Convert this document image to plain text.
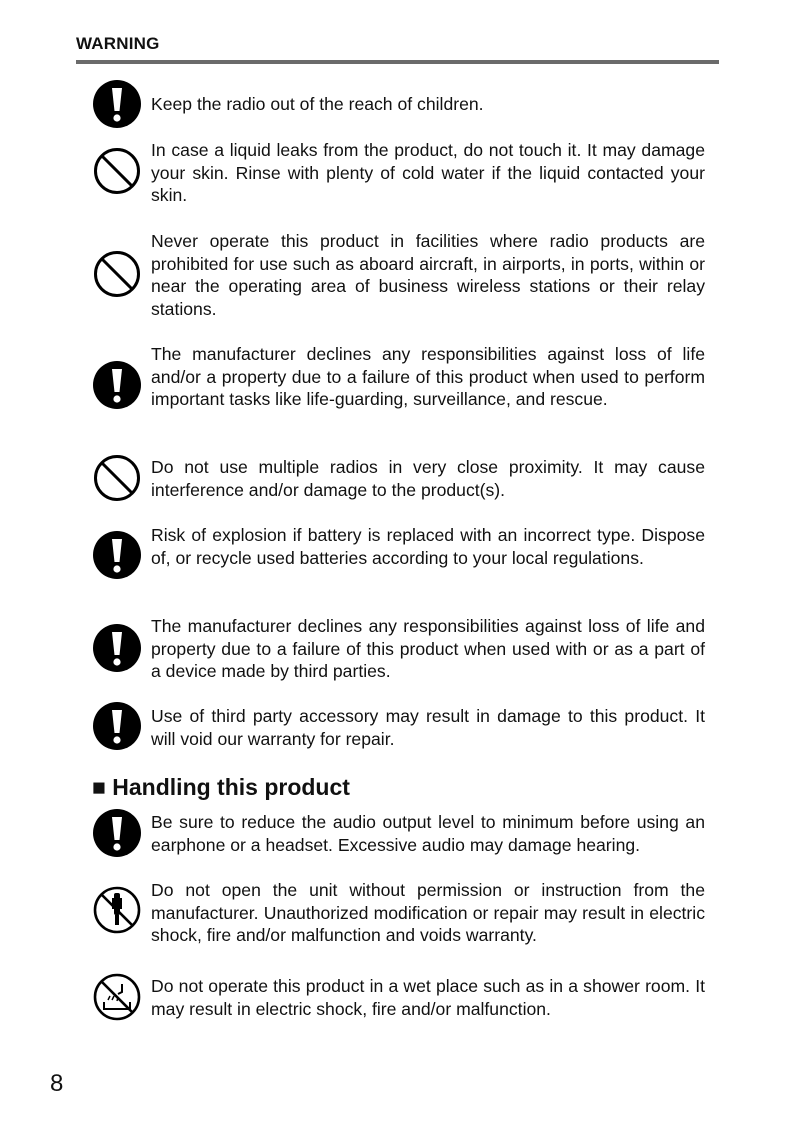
WARNING
Keep the radio out of the reach of children.
In case a liquid leaks from the product, do not touch it. It may damage your skin. Rinse with plenty of cold water if the liquid contacted your skin.
Never operate this product in facilities where radio products are prohibited for use such as aboard aircraft, in airports, in ports, within or near the operating area of business wireless stations or their relay stations.
The manufacturer declines any responsibilities against loss of life and/or a property due to a failure of this product when used to perform important tasks like life-guarding, surveillance, and rescue.
Do not use multiple radios in very close proximity. It may cause interference and/or damage to the product(s).
Risk of explosion if battery is replaced with an incorrect type. Dispose of, or recycle used batteries according to your local regulations.
The manufacturer declines any responsibilities against loss of life and property due to a failure of this product when used with or as a part of a device made by third parties.
Use of third party accessory may result in damage to this product. It will void our warranty for repair.
■ Handling this product
Be sure to reduce the audio output level to minimum before using an earphone or a headset. Excessive audio may damage hearing.
Do not open the unit without permission or instruction from the manufacturer. Unauthorized modification or repair may result in electric shock, fire and/or malfunction and voids warranty.
Do not operate this product in a wet place such as in a shower room. It may result in electric shock, fire and/or malfunction.
8
